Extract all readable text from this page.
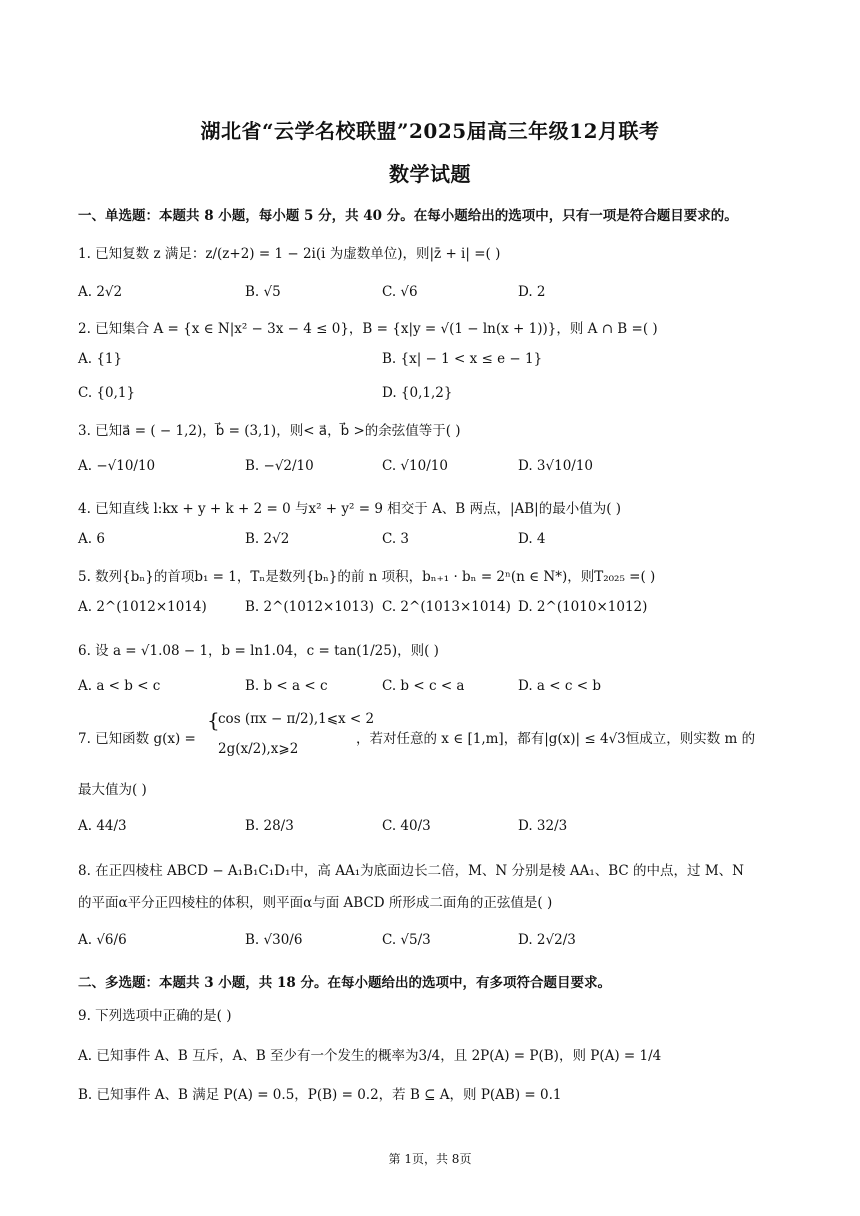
湖北省“云学名校联盟”2025届高三年级12月联考
数学试题
一、单选题：本题共 8 小题，每小题 5 分，共 40 分。在每小题给出的选项中，只有一项是符合题目要求的。
1. 已知复数 z 满足：z/(z+2) = 1 − 2i(i 为虚数单位)，则|z̄ + i| =( )
A. 2√2	B. √5	C. √6	D. 2
2. 已知集合 A = {x ∈ N|x² − 3x − 4 ≤ 0}，B = {x|y = √(1 − ln(x + 1))}，则 A ∩ B =( )
A. {1}	B. {x| − 1 < x ≤ e − 1}
C. {0,1}	D. {0,1,2}
3. 已知a⃗ = ( − 1,2)，b⃗ = (3,1)，则< a⃗，b⃗ >的余弦值等于( )
A. −√10/10	B. −√2/10	C. √10/10	D. 3√10/10
4. 已知直线 l:kx + y + k + 2 = 0 与x² + y² = 9 相交于 A、B 两点，|AB|的最小值为( )
A. 6	B. 2√2	C. 3	D. 4
5. 数列{bₙ}的首项b₁ = 1，Tₙ是数列{bₙ}的前 n 项积，bₙ₊₁ · bₙ = 2ⁿ(n ∈ N*)，则T₂₀₂₅ =( )
A. 2^(1012×1014)	B. 2^(1012×1013) C. 2^(1013×1014) D. 2^(1010×1012)
6. 设 a = √1.08 − 1，b = ln1.04，c = tan(1/25)，则( )
A. a < b < c	B. b < a < c	C. b < c < a	D. a < c < b
7. 已知函数 g(x) =
{
cos (πx − π/2),1⩽x < 2
2g(x/2),x⩾2
，若对任意的 x ∈ [1,m]，都有|g(x)| ≤ 4√3恒成立，则实数 m 的
最大值为( )
A. 44/3	B. 28/3	C. 40/3	D. 32/3
8. 在正四棱柱 ABCD − A₁B₁C₁D₁中，高 AA₁为底面边长二倍，M、N 分别是棱 AA₁、BC 的中点，过 M、N
的平面α平分正四棱柱的体积，则平面α与面 ABCD 所形成二面角的正弦值是( )
A. √6/6	B. √30/6	C. √5/3	D. 2√2/3
二、多选题：本题共 3 小题，共 18 分。在每小题给出的选项中，有多项符合题目要求。
9. 下列选项中正确的是( )
A. 已知事件 A、B 互斥，A、B 至少有一个发生的概率为3/4，且 2P(A) = P(B)，则 P(A) = 1/4
B. 已知事件 A、B 满足 P(A) = 0.5，P(B) = 0.2，若 B ⊆ A，则 P(AB) = 0.1
第 1页，共 8页
